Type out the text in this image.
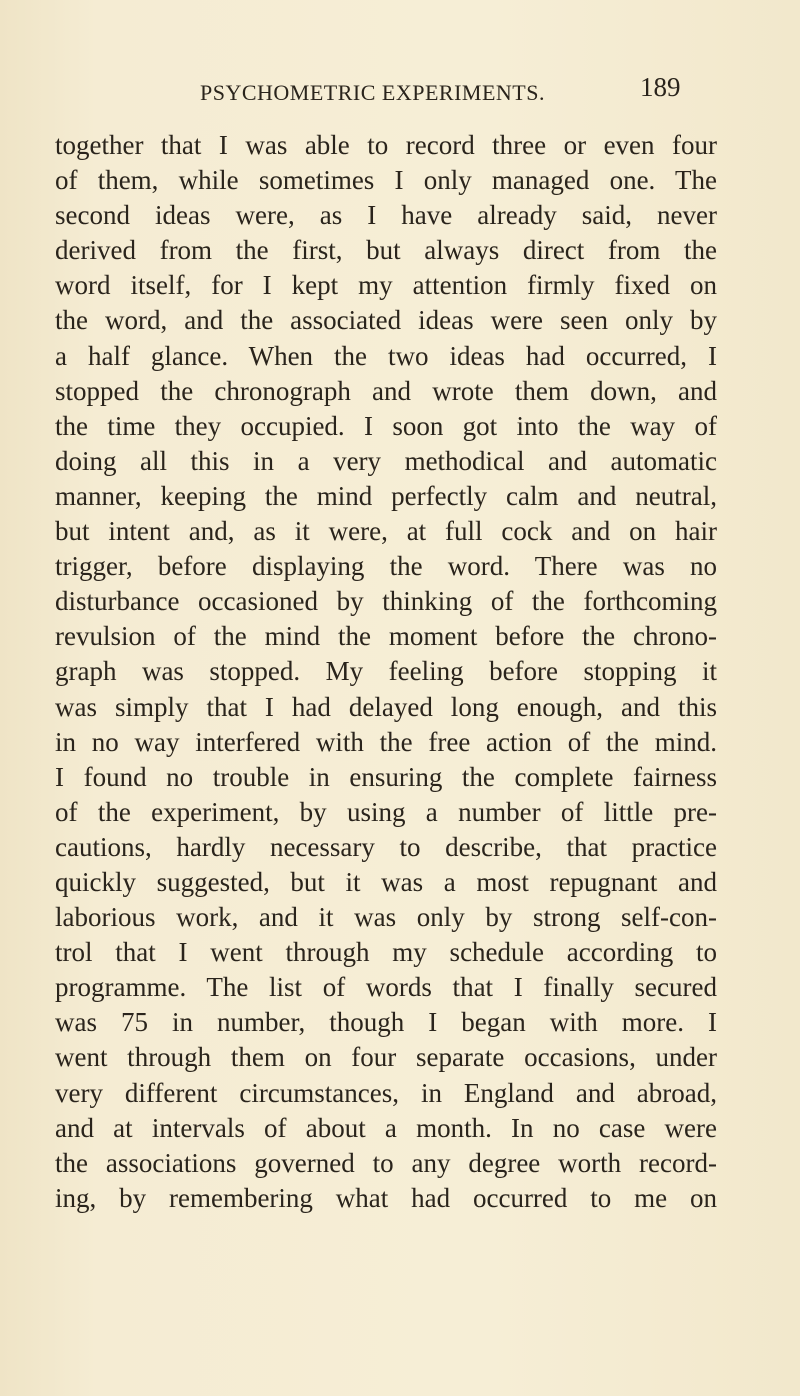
PSYCHOMETRIC EXPERIMENTS.	189
together that I was able to record three or even four
of them, while sometimes I only managed one. The
second ideas were, as I have already said, never
derived from the first, but always direct from the
word itself, for I kept my attention firmly fixed on
the word, and the associated ideas were seen only by
a half glance. When the two ideas had occurred, I
stopped the chronograph and wrote them down, and
the time they occupied. I soon got into the way of
doing all this in a very methodical and automatic
manner, keeping the mind perfectly calm and neutral,
but intent and, as it were, at full cock and on hair
trigger, before displaying the word. There was no
disturbance occasioned by thinking of the forthcoming
revulsion of the mind the moment before the chrono-
graph was stopped. My feeling before stopping it
was simply that I had delayed long enough, and this
in no way interfered with the free action of the mind.
I found no trouble in ensuring the complete fairness
of the experiment, by using a number of little pre-
cautions, hardly necessary to describe, that practice
quickly suggested, but it was a most repugnant and
laborious work, and it was only by strong self-con-
trol that I went through my schedule according to
programme. The list of words that I finally secured
was 75 in number, though I began with more. I
went through them on four separate occasions, under
very different circumstances, in England and abroad,
and at intervals of about a month. In no case were
the associations governed to any degree worth record-
ing, by remembering what had occurred to me on
